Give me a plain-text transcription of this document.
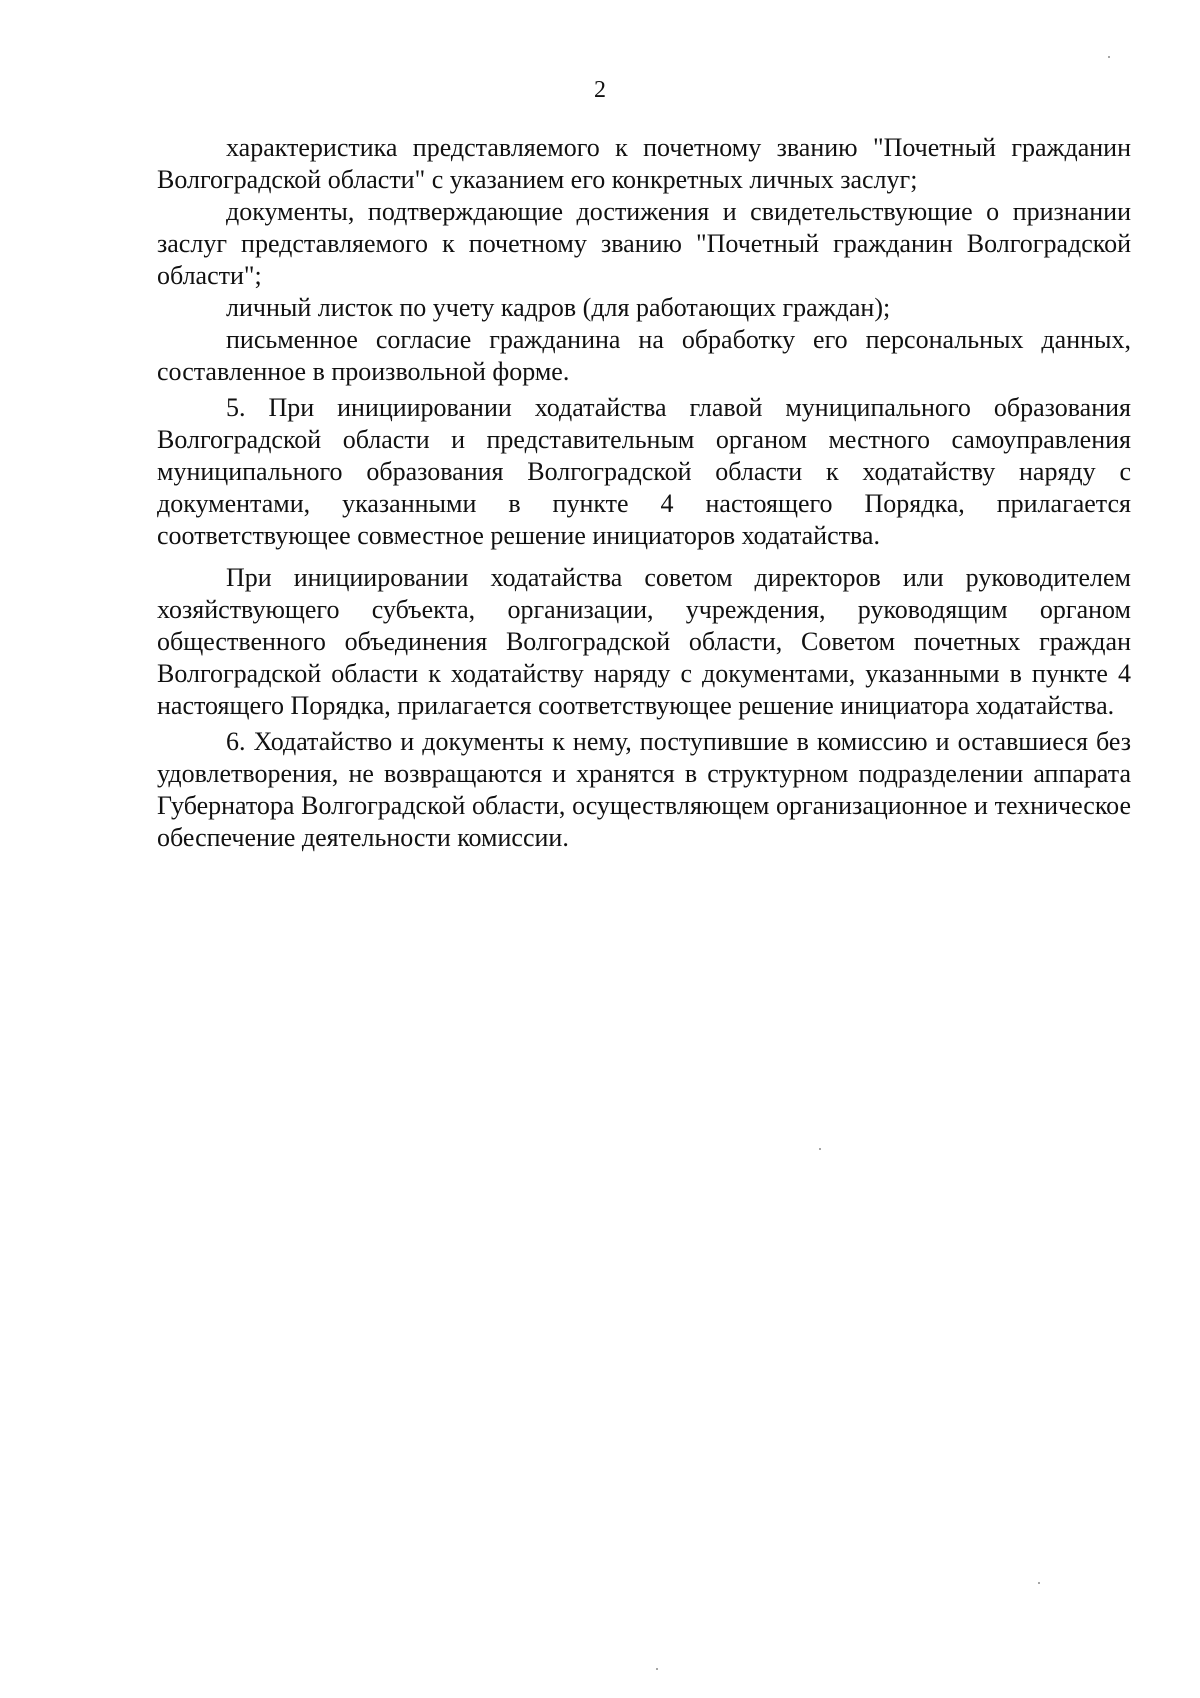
2

характеристика представляемого к почетному званию "Почетный гражданин Волгоградской области" с указанием его конкретных личных заслуг;

документы, подтверждающие достижения и свидетельствующие о признании заслуг представляемого к почетному званию "Почетный гражданин Волгоградской области";

личный листок по учету кадров (для работающих граждан);

письменное согласие гражданина на обработку его персональных данных, составленное в произвольной форме.

5. При инициировании ходатайства главой муниципального образования Волгоградской области и представительным органом местного самоуправления муниципального образования Волгоградской области к ходатайству наряду с документами, указанными в пункте 4 настоящего Порядка, прилагается соответствующее совместное решение инициаторов ходатайства.

При инициировании ходатайства советом директоров или руководителем хозяйствующего субъекта, организации, учреждения, руководящим органом общественного объединения Волгоградской области, Советом почетных граждан Волгоградской области к ходатайству наряду с документами, указанными в пункте 4 настоящего Порядка, прилагается соответствующее решение инициатора ходатайства.

6. Ходатайство и документы к нему, поступившие в комиссию и оставшиеся без удовлетворения, не возвращаются и хранятся в структурном подразделении аппарата Губернатора Волгоградской области, осуществляющем организационное и техническое обеспечение деятельности комиссии.
